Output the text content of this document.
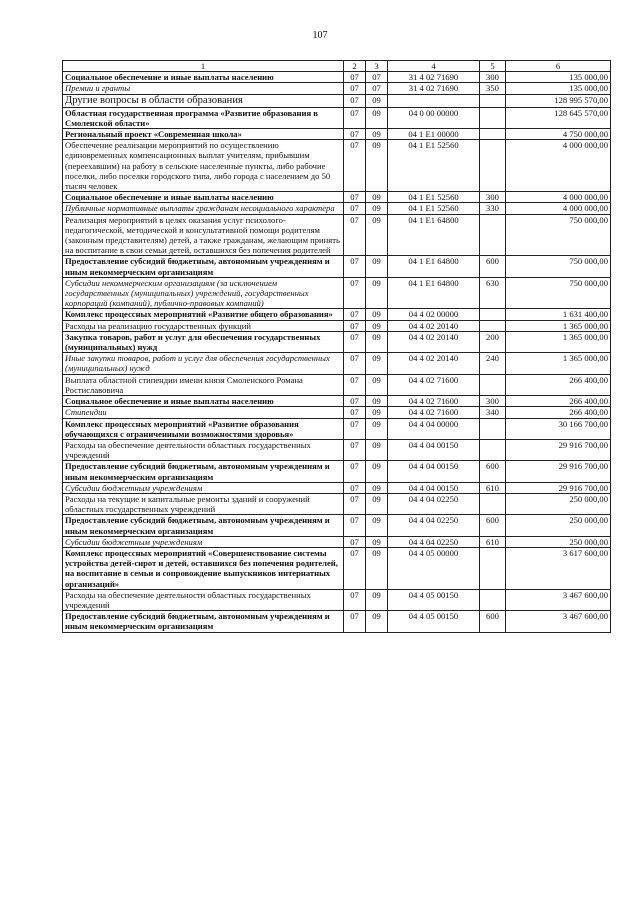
107
1	2	3	4	5	6
Социальное обеспечение и иные выплаты населению	07	07	31 4 02 71690	300	135 000,00
Премии и гранты	07	07	31 4 02 71690	350	135 000,00
Другие вопросы в области образования	07	09			128 995 570,00
Областная государственная программа «Развитие образования в Смоленской области»	07	09	04 0 00 00000		128 645 570,00
Региональный проект «Современная школа»	07	09	04 1 Е1 00000		4 750 000,00
Обеспечение реализации мероприятий по осуществлению единовременных компенсационных выплат учителям, прибывшим (переехавшим) на работу в сельские населенные пункты, либо рабочие поселки, либо поселки городского типа, либо города с населением до 50 тысяч человек	07	09	04 1 Е1 52560		4 000 000,00
Социальное обеспечение и иные выплаты населению	07	09	04 1 Е1 52560	300	4 000 000,00
Публичные нормативные выплаты гражданам несоциального характера	07	09	04 1 Е1 52560	330	4 000 000,00
Реализация мероприятий в целях оказания услуг психолого-педагогической, методической и консультативной помощи родителям (законным представителям) детей, а также гражданам, желающим принять на воспитание в свои семьи детей, оставшихся без попечения родителей	07	09	04 1 Е1 64800		750 000,00
Предоставление субсидий бюджетным, автономным учреждениям и иным некоммерческим организациям	07	09	04 1 Е1 64800	600	750 000,00
Субсидии некоммерческим организациям (за исключением государственных (муниципальных) учреждений, государственных корпораций (компаний), публично-правовых компаний)	07	09	04 1 Е1 64800	630	750 000,00
Комплекс процессных мероприятий «Развитие общего образования»	07	09	04 4 02 00000		1 631 400,00
Расходы на реализацию государственных функций	07	09	04 4 02 20140		1 365 000,00
Закупка товаров, работ и услуг для обеспечения государственных (муниципальных) нужд	07	09	04 4 02 20140	200	1 365 000,00
Иные закупки товаров, работ и услуг для обеспечения государственных (муниципальных) нужд	07	09	04 4 02 20140	240	1 365 000,00
Выплата областной стипендии имени князя Смоленского Романа Ростиславовича	07	09	04 4 02 71600		266 400,00
Социальное обеспечение и иные выплаты населению	07	09	04 4 02 71600	300	266 400,00
Стипендии	07	09	04 4 02 71600	340	266 400,00
Комплекс процессных мероприятий «Развитие образования обучающихся с ограниченными возможностями здоровья»	07	09	04 4 04 00000		30 166 700,00
Расходы на обеспечение деятельности областных государственных учреждений	07	09	04 4 04 00150		29 916 700,00
Предоставление субсидий бюджетным, автономным учреждениям и иным некоммерческим организациям	07	09	04 4 04 00150	600	29 916 700,00
Субсидии бюджетным учреждениям	07	09	04 4 04 00150	610	29 916 700,00
Расходы на текущие и капитальные ремонты зданий и сооружений областных государственных учреждений	07	09	04 4 04 02250		250 000,00
Предоставление субсидий бюджетным, автономным учреждениям и иным некоммерческим организациям	07	09	04 4 04 02250	600	250 000,00
Субсидии бюджетным учреждениям	07	09	04 4 04 02250	610	250 000,00
Комплекс процессных мероприятий «Совершенствование системы устройства детей-сирот и детей, оставшихся без попечения родителей, на воспитание в семьи и сопровождение выпускников интернатных организаций»	07	09	04 4 05 00000		3 617 600,00
Расходы на обеспечение деятельности областных государственных учреждений	07	09	04 4 05 00150		3 467 600,00
Предоставление субсидий бюджетным, автономным учреждениям и иным некоммерческим организациям	07	09	04 4 05 00150	600	3 467 600,00
